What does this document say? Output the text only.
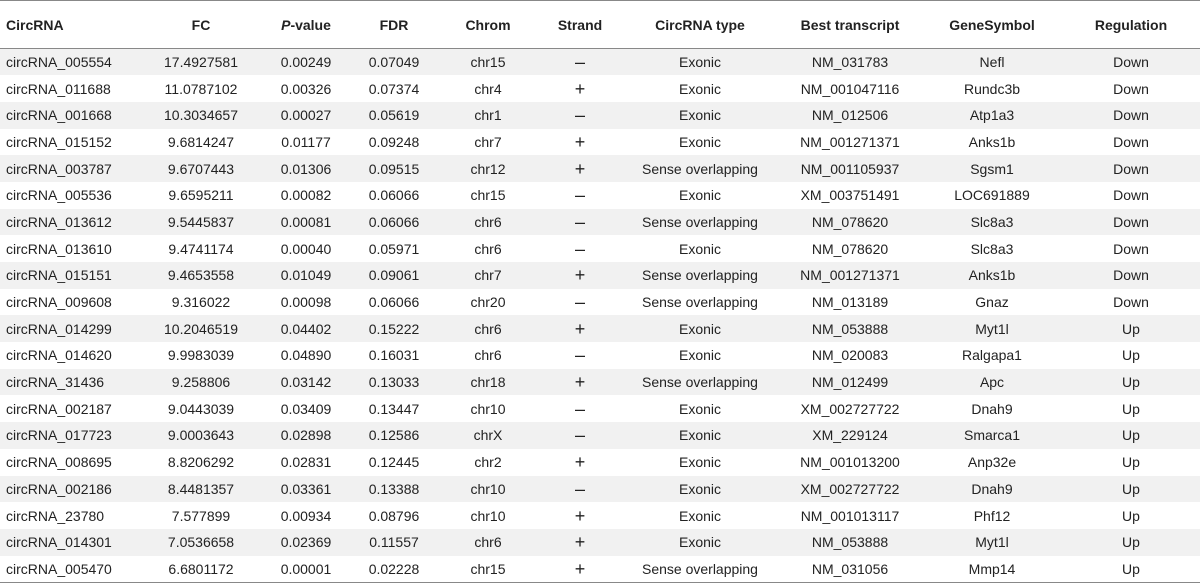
CircRNA	FC	P-value	FDR	Chrom	Strand	CircRNA type	Best transcript	GeneSymbol	Regulation
circRNA_005554	17.4927581	0.00249	0.07049	chr15	–	Exonic	NM_031783	Nefl	Down
circRNA_011688	11.0787102	0.00326	0.07374	chr4	+	Exonic	NM_001047116	Rundc3b	Down
circRNA_001668	10.3034657	0.00027	0.05619	chr1	–	Exonic	NM_012506	Atp1a3	Down
circRNA_015152	9.6814247	0.01177	0.09248	chr7	+	Exonic	NM_001271371	Anks1b	Down
circRNA_003787	9.6707443	0.01306	0.09515	chr12	+	Sense overlapping	NM_001105937	Sgsm1	Down
circRNA_005536	9.6595211	0.00082	0.06066	chr15	–	Exonic	XM_003751491	LOC691889	Down
circRNA_013612	9.5445837	0.00081	0.06066	chr6	–	Sense overlapping	NM_078620	Slc8a3	Down
circRNA_013610	9.4741174	0.00040	0.05971	chr6	–	Exonic	NM_078620	Slc8a3	Down
circRNA_015151	9.4653558	0.01049	0.09061	chr7	+	Sense overlapping	NM_001271371	Anks1b	Down
circRNA_009608	9.316022	0.00098	0.06066	chr20	–	Sense overlapping	NM_013189	Gnaz	Down
circRNA_014299	10.2046519	0.04402	0.15222	chr6	+	Exonic	NM_053888	Myt1l	Up
circRNA_014620	9.9983039	0.04890	0.16031	chr6	–	Exonic	NM_020083	Ralgapa1	Up
circRNA_31436	9.258806	0.03142	0.13033	chr18	+	Sense overlapping	NM_012499	Apc	Up
circRNA_002187	9.0443039	0.03409	0.13447	chr10	–	Exonic	XM_002727722	Dnah9	Up
circRNA_017723	9.0003643	0.02898	0.12586	chrX	–	Exonic	XM_229124	Smarca1	Up
circRNA_008695	8.8206292	0.02831	0.12445	chr2	+	Exonic	NM_001013200	Anp32e	Up
circRNA_002186	8.4481357	0.03361	0.13388	chr10	–	Exonic	XM_002727722	Dnah9	Up
circRNA_23780	7.577899	0.00934	0.08796	chr10	+	Exonic	NM_001013117	Phf12	Up
circRNA_014301	7.0536658	0.02369	0.11557	chr6	+	Exonic	NM_053888	Myt1l	Up
circRNA_005470	6.6801172	0.00001	0.02228	chr15	+	Sense overlapping	NM_031056	Mmp14	Up
